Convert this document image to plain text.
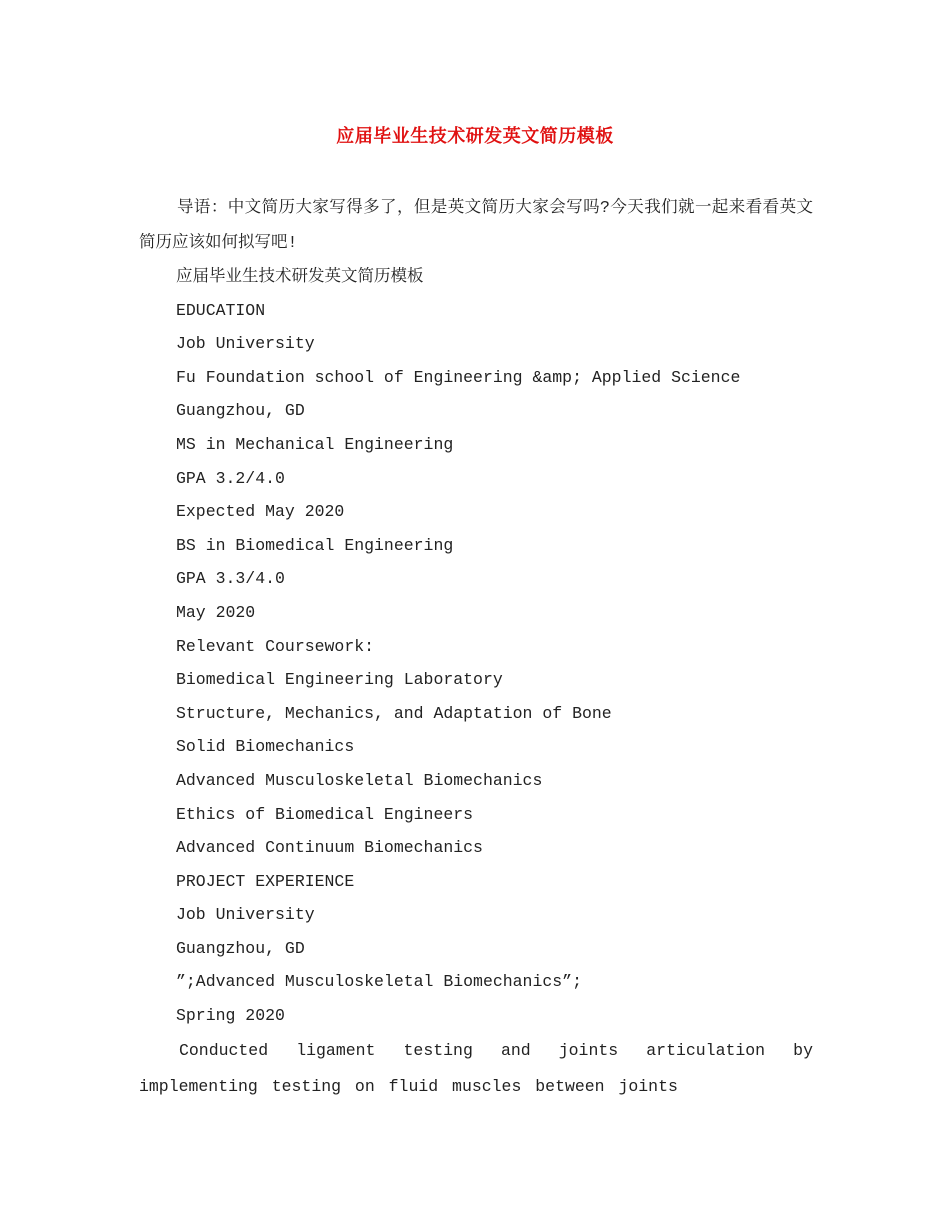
应届毕业生技术研发英文简历模板

导语：中文简历大家写得多了，但是英文简历大家会写吗?今天我们就一起来看看英文简历应该如何拟写吧!

应届毕业生技术研发英文简历模板

EDUCATION

Job University

Fu Foundation school of Engineering &amp; Applied Science

Guangzhou, GD

MS in Mechanical Engineering

GPA 3.2/4.0

Expected May 2020

BS in Biomedical Engineering

GPA 3.3/4.0

May 2020

Relevant Coursework:

Biomedical Engineering Laboratory

Structure, Mechanics, and Adaptation of Bone

Solid Biomechanics

Advanced Musculoskeletal Biomechanics

Ethics of Biomedical Engineers

Advanced Continuum Biomechanics

PROJECT EXPERIENCE

Job University

Guangzhou, GD

”;Advanced Musculoskeletal Biomechanics”;

Spring 2020

Conducted ligament testing and joints articulation by implementing testing on fluid muscles between joints
